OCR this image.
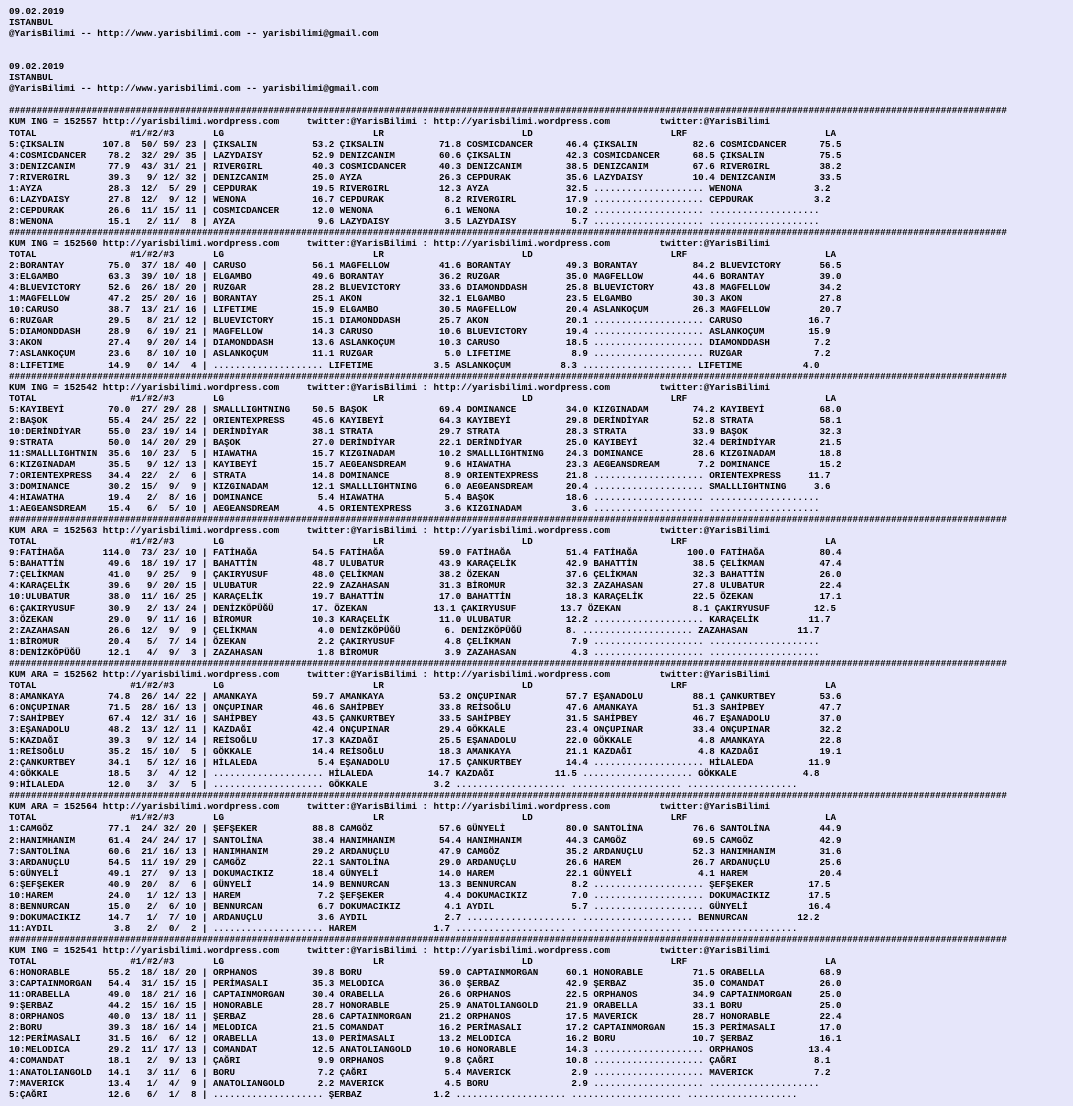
09.02.2019
ISTANBUL
@YarisBilimi -- http://www.yarisbilimi.com -- yarisbilimi@gmail.com
09.02.2019
ISTANBUL
@YarisBilimi -- http://www.yarisbilimi.com -- yarisbilimi@gmail.com
#####################################################################################################################################################################################
KUM ING = 152557 http://yarisbilimi.wordpress.com     twitter:@YarisBilimi : http://yarisbilimi.wordpress.com         twitter:@YarisBilimi
TOTAL                 #1/#2/#3       LG                           LR                         LD                         LRF                         LA
5:ÇIKSALIN       107.8  50/ 59/ 23 | ÇIKSALIN          53.2 ÇIKSALIN          71.8 COSMICDANCER      46.4 ÇIKSALIN          82.6 COSMICDANCER      75.5
4:COSMICDANCER    78.2  32/ 29/ 35 | LAZYDAISY         52.9 DENIZCANIM        60.6 ÇIKSALIN          42.3 COSMICDANCER      68.5 ÇIKSALIN          75.5
3:DENIZCANIM      77.9  43/ 31/ 21 | RIVERGIRL         40.3 COSMICDANCER      40.3 DENIZCANIM        38.5 DENIZCANIM        67.6 RIVERGIRL         38.2
7:RIVERGIRL       39.3   9/ 12/ 32 | DENIZCANIM        25.0 AYZA              26.3 CEPDURAK          35.6 LAZYDAISY         10.4 DENIZCANIM        33.5
1:AYZA            28.3  12/  5/ 29 | CEPDURAK          19.5 RIVERGIRL         12.3 AYZA              32.5 .................... WENONA             3.2
6:LAZYDAISY       27.8  12/  9/ 12 | WENONA            16.7 CEPDURAK           8.2 RIVERGIRL         17.9 .................... CEPDURAK           3.2
2:CEPDURAK        26.6  11/ 15/ 11 | COSMICDANCER      12.0 WENONA             6.1 WENONA            10.2 .................... ....................
8:WENONA          15.1   2/ 11/  8 | AYZA               9.6 LAZYDAISY          3.5 LAZYDAISY          5.7 .................... ....................
#####################################################################################################################################################################################
KUM ING = 152560 http://yarisbilimi.wordpress.com     twitter:@YarisBilimi : http://yarisbilimi.wordpress.com         twitter:@YarisBilimi
TOTAL                 #1/#2/#3       LG                           LR                         LD                         LRF                         LA
2:BORANTAY        75.0  37/ 18/ 40 | CARUSO            56.1 MAGFELLOW         41.6 BORANTAY          49.3 BORANTAY          84.2 BLUEVICTORY       56.5
3:ELGAMBO         63.3  39/ 10/ 18 | ELGAMBO           49.6 BORANTAY          36.2 RUZGAR            35.0 MAGFELLOW         44.6 BORANTAY          39.0
4:BLUEVICTORY     52.6  26/ 18/ 20 | RUZGAR            28.2 BLUEVICTORY       33.6 DIAMONDDASH       25.8 BLUEVICTORY       43.8 MAGFELLOW         34.2
1:MAGFELLOW       47.2  25/ 20/ 16 | BORANTAY          25.1 AKON              32.1 ELGAMBO           23.5 ELGAMBO           30.3 AKON              27.8
10:CARUSO         38.7  13/ 21/ 16 | LIFETIME          15.9 ELGAMBO           30.5 MAGFELLOW         20.4 ASLANKOÇUM        26.3 MAGFELLOW         20.7
6:RUZGAR          29.5   8/ 21/ 12 | BLUEVICTORY       15.1 DIAMONDDASH       25.7 AKON              20.1 .................... CARUSO            16.7
5:DIAMONDDASH     28.9   6/ 19/ 21 | MAGFELLOW         14.3 CARUSO            10.6 BLUEVICTORY       19.4 .................... ASLANKOÇUM        15.9
3:AKON            27.4   9/ 20/ 14 | DIAMONDDASH       13.6 ASLANKOÇUM        10.3 CARUSO            18.5 .................... DIAMONDDASH        7.2
7:ASLANKOÇUM      23.6   8/ 10/ 10 | ASLANKOÇUM        11.1 RUZGAR             5.0 LIFETIME           8.9 .................... RUZGAR             7.2
8:LIFETIME        14.9   0/ 14/  4 | .................... LIFETIME           3.5 ASLANKOÇUM         8.3 .................... LIFETIME           4.0
#####################################################################################################################################################################################
KUM ING = 152542 http://yarisbilimi.wordpress.com     twitter:@YarisBilimi : http://yarisbilimi.wordpress.com         twitter:@YarisBilimi
TOTAL                 #1/#2/#3       LG                           LR                         LD                         LRF                         LA
5:KAYIBEYİ        70.0  27/ 29/ 28 | SMALLLIGHTNING    50.5 BAŞOK             69.4 DOMINANCE         34.0 KIZGINADAM        74.2 KAYIBEYİ          68.0
2:BAŞOK           55.4  24/ 25/ 22 | ORIENTEXPRESS     45.6 KAYIBEYİ          64.3 KAYIBEYİ          29.8 DERİNDİYAR        52.8 STRATA            58.1
10:DERİNDİYAR     55.0  23/ 19/ 14 | DERİNDİYAR        38.1 STRATA            29.7 STRATA            28.3 STRATA            33.9 BAŞOK             32.3
9:STRATA          50.0  14/ 20/ 29 | BAŞOK             27.0 DERİNDİYAR        22.1 DERİNDİYAR        25.0 KAYIBEYİ          32.4 DERİNDİYAR        21.5
11:SMALLLIGHTNIN  35.6  10/ 23/  5 | HIAWATHA          15.7 KIZGINADAM        10.2 SMALLLIGHTNING    24.3 DOMINANCE         28.6 KIZGINADAM        18.8
6:KIZGINADAM      35.5   9/ 12/ 13 | KAYIBEYİ          15.7 AEGEANSDREAM       9.6 HIAWATHA          23.3 AEGEANSDREAM       7.2 DOMINANCE         15.2
7:ORIENTEXPRESS   34.4  22/  2/  6 | STRATA            14.8 DOMINANCE          8.9 ORIENTEXPRESS     21.8 .................... ORIENTEXPRESS     11.7
3:DOMINANCE       30.2  15/  9/  9 | KIZGINADAM        12.1 SMALLLIGHTNING     6.0 AEGEANSDREAM      20.4 .................... SMALLLIGHTNING     3.6
4:HIAWATHA        19.4   2/  8/ 16 | DOMINANCE          5.4 HIAWATHA           5.4 BAŞOK             18.6 .................... ....................
1:AEGEANSDREAM    15.4   6/  5/ 10 | AEGEANSDREAM       4.5 ORIENTEXPRESS      3.6 KIZGINADAM         3.6 .................... ....................
#####################################################################################################################################################################################
KUM ARA = 152563 http://yarisbilimi.wordpress.com     twitter:@YarisBilimi : http://yarisbilimi.wordpress.com         twitter:@YarisBilimi
TOTAL                 #1/#2/#3       LG                           LR                         LD                         LRF                         LA
9:FATİHAĞA       114.0  73/ 23/ 10 | FATİHAĞA          54.5 FATİHAĞA          59.0 FATİHAĞA          51.4 FATİHAĞA         100.0 FATİHAĞA          80.4
5:BAHATTİN        49.6  18/ 19/ 17 | BAHATTİN          48.7 ULUBATUR          43.9 KARAÇELİK         42.9 BAHATTİN          38.5 ÇELİKMAN          47.4
7:ÇELİKMAN        41.0   9/ 25/  9 | ÇAKIRYUSUF        48.0 ÇELİKMAN          38.2 ÖZEKAN            37.6 ÇELİKMAN          32.3 BAHATTİN          26.0
4:KARAÇELİK       39.6   9/ 20/ 15 | ULUBATUR          22.9 ZAZAHASAN         31.3 BİROMUR           32.3 ZAZAHASAN         27.8 ULUBATUR          22.4
10:ULUBATUR       38.0  11/ 16/ 25 | KARAÇELİK         19.7 BAHATTİN          17.0 BAHATTİN          18.3 KARAÇELİK         22.5 ÖZEKAN            17.1
6:ÇAKIRYUSUF      30.9   2/ 13/ 24 | DENİZKÖPÜĞÜ       17. ÖZEKAN            13.1 ÇAKIRYUSUF        13.7 ÖZEKAN             8.1 ÇAKIRYUSUF        12.5
3:ÖZEKAN          29.0   9/ 11/ 16 | BİROMUR           10.3 KARAÇELİK         11.0 ULUBATUR          12.2 .................... KARAÇELİK         11.7
2:ZAZAHASAN       26.6  12/  9/  9 | ÇELİKMAN           4.0 DENİZKÖPÜĞÜ        6. DENİZKÖPÜĞÜ        8. .................... ZAZAHASAN         11.7
1:BİROMUR         20.4   5/  7/ 14 | ÖZEKAN             2.2 ÇAKIRYUSUF         4.8 ÇELİKMAN           7.9 .................... ....................
8:DENİZKÖPÜĞÜ     12.1   4/  9/  3 | ZAZAHASAN          1.8 BİROMUR            3.9 ZAZAHASAN          4.3 .................... ....................
#####################################################################################################################################################################################
KUM ARA = 152562 http://yarisbilimi.wordpress.com     twitter:@YarisBilimi : http://yarisbilimi.wordpress.com         twitter:@YarisBilimi
TOTAL                 #1/#2/#3       LG                           LR                         LD                         LRF                         LA
8:AMANKAYA        74.8  26/ 14/ 22 | AMANKAYA          59.7 AMANKAYA          53.2 ONÇUPINAR         57.7 EŞANADOLU         88.1 ÇANKURTBEY        53.6
6:ONÇUPINAR       71.5  28/ 16/ 13 | ONÇUPINAR         46.6 SAHİPBEY          33.8 REİSOĞLU          47.6 AMANKAYA          51.3 SAHİPBEY          47.7
7:SAHİPBEY        67.4  12/ 31/ 16 | SAHİPBEY          43.5 ÇANKURTBEY        33.5 SAHİPBEY          31.5 SAHİPBEY          46.7 EŞANADOLU         37.0
3:EŞANADOLU       48.2  13/ 12/ 11 | KAZDAĞI           42.4 ONÇUPINAR         29.4 GÖKKALE           23.4 ONÇUPINAR         33.4 ONÇUPINAR         32.2
5:KAZDAĞI         39.3   9/ 12/ 14 | REİSOĞLU          17.3 KAZDAĞI           25.5 EŞANADOLU         22.0 GÖKKALE            4.8 AMANKAYA          22.8
1:REİSOĞLU        35.2  15/ 10/  5 | GÖKKALE           14.4 REİSOĞLU          18.3 AMANKAYA          21.1 KAZDAĞI            4.8 KAZDAĞI           19.1
2:ÇANKURTBEY      34.1   5/ 12/ 16 | HİLALEDA           5.4 EŞANADOLU         17.5 ÇANKURTBEY        14.4 .................... HİLALEDA          11.9
4:GÖKKALE         18.5   3/  4/ 12 | .................... HİLALEDA          14.7 KAZDAĞI           11.5 .................... GÖKKALE            4.8
9:HİLALEDA        12.0   3/  3/  5 | .................... GÖKKALE            3.2 .................... .................... ....................
#####################################################################################################################################################################################
KUM ARA = 152564 http://yarisbilimi.wordpress.com     twitter:@YarisBilimi : http://yarisbilimi.wordpress.com         twitter:@YarisBilimi
TOTAL                 #1/#2/#3       LG                           LR                         LD                         LRF                         LA
1:CAMGÖZ          77.1  24/ 32/ 20 | ŞEFŞEKER          88.8 CAMGÖZ            57.6 GÜNYELİ           80.0 SANTOLİNA         76.6 SANTOLİNA         44.9
2:HANIMHANIM      61.4  24/ 24/ 17 | SANTOLİNA         38.4 HANIMHANIM        54.4 HANIMHANIM        44.3 CAMGÖZ            69.5 CAMGÖZ            42.9
7:SANTOLİNA       60.6  21/ 16/ 13 | HANIMHANIM        29.2 ARDANUÇLU         47.9 CAMGÖZ            35.2 ARDANUÇLU         52.3 HANIMHANIM        31.6
3:ARDANUÇLU       54.5  11/ 19/ 29 | CAMGÖZ            22.1 SANTOLİNA         29.0 ARDANUÇLU         26.6 HAREM             26.7 ARDANUÇLU         25.6
5:GÜNYELİ         49.1  27/  9/ 13 | DOKUMACIKIZ       18.4 GÜNYELİ           14.0 HAREM             22.1 GÜNYELİ            4.1 HAREM             20.4
6:ŞEFŞEKER        40.9  20/  8/  6 | GÜNYELİ           14.9 BENNURCAN         13.3 BENNURCAN          8.2 .................... ŞEFŞEKER          17.5
10:HAREM          24.0   1/ 12/ 13 | HAREM              7.2 ŞEFŞEKER           4.4 DOKUMACIKIZ        7.0 .................... DOKUMACIKIZ       17.5
8:BENNURCAN       15.0   2/  6/ 10 | BENNURCAN          6.7 DOKUMACIKIZ        4.1 AYDIL              5.7 .................... GÜNYELİ           16.4
9:DOKUMACIKIZ     14.7   1/  7/ 10 | ARDANUÇLU          3.6 AYDIL              2.7 .................... .................... BENNURCAN         12.2
11:AYDIL           3.8   2/  0/  2 | .................... HAREM              1.7 .................... .................... ....................
#####################################################################################################################################################################################
KUM ING = 152541 http://yarisbilimi.wordpress.com     twitter:@YarisBilimi : http://yarisbilimi.wordpress.com         twitter:@YarisBilimi
TOTAL                 #1/#2/#3       LG                           LR                         LD                         LRF                         LA
6:HONORABLE       55.2  18/ 18/ 20 | ORPHANOS          39.8 BORU              59.0 CAPTAINMORGAN     60.1 HONORABLE         71.5 ORABELLA          68.9
3:CAPTAINMORGAN   54.4  31/ 15/ 15 | PERİMASALI        35.3 MELODICA          36.0 ŞERBAZ            42.9 ŞERBAZ            35.0 COMANDAT          26.0
11:ORABELLA       49.0  18/ 21/ 16 | CAPTAINMORGAN     30.4 ORABELLA          26.6 ORPHANOS          22.5 ORPHANOS          34.9 CAPTAINMORGAN     25.0
9:ŞERBAZ          44.2  15/ 16/ 15 | HONORABLE         28.7 HONORABLE         25.9 ANATOLIANGOLD     21.9 ORABELLA          33.1 BORU              25.0
8:ORPHANOS        40.0  13/ 18/ 11 | ŞERBAZ            28.6 CAPTAINMORGAN     21.2 ORPHANOS          17.5 MAVERICK          28.7 HONORABLE         22.4
2:BORU            39.3  18/ 16/ 14 | MELODICA          21.5 COMANDAT          16.2 PERİMASALI        17.2 CAPTAINMORGAN     15.3 PERİMASALI        17.0
12:PERİMASALI     31.5  16/  6/ 12 | ORABELLA          13.0 PERİMASALI        13.2 MELODICA          16.2 BORU              10.7 ŞERBAZ            16.1
10:MELODICA       29.2  11/ 17/ 13 | COMANDAT          12.5 ANATOLIANGOLD     10.6 HONORABLE         14.3 .................... ORPHANOS          13.4
4:COMANDAT        18.1   2/  9/ 13 | ÇAĞRI              9.9 ORPHANOS           9.8 ÇAĞRI             10.8 .................... ÇAĞRI              8.1
1:ANATOLIANGOLD   14.1   3/ 11/  6 | BORU               7.2 ÇAĞRI              5.4 MAVERICK           2.9 .................... MAVERICK           7.2
7:MAVERICK        13.4   1/  4/  9 | ANATOLIANGOLD      2.2 MAVERICK           4.5 BORU               2.9 .................... ....................
5:ÇAĞRI           12.6   6/  1/  8 | .................... ŞERBAZ             1.2 .................... .................... ....................
